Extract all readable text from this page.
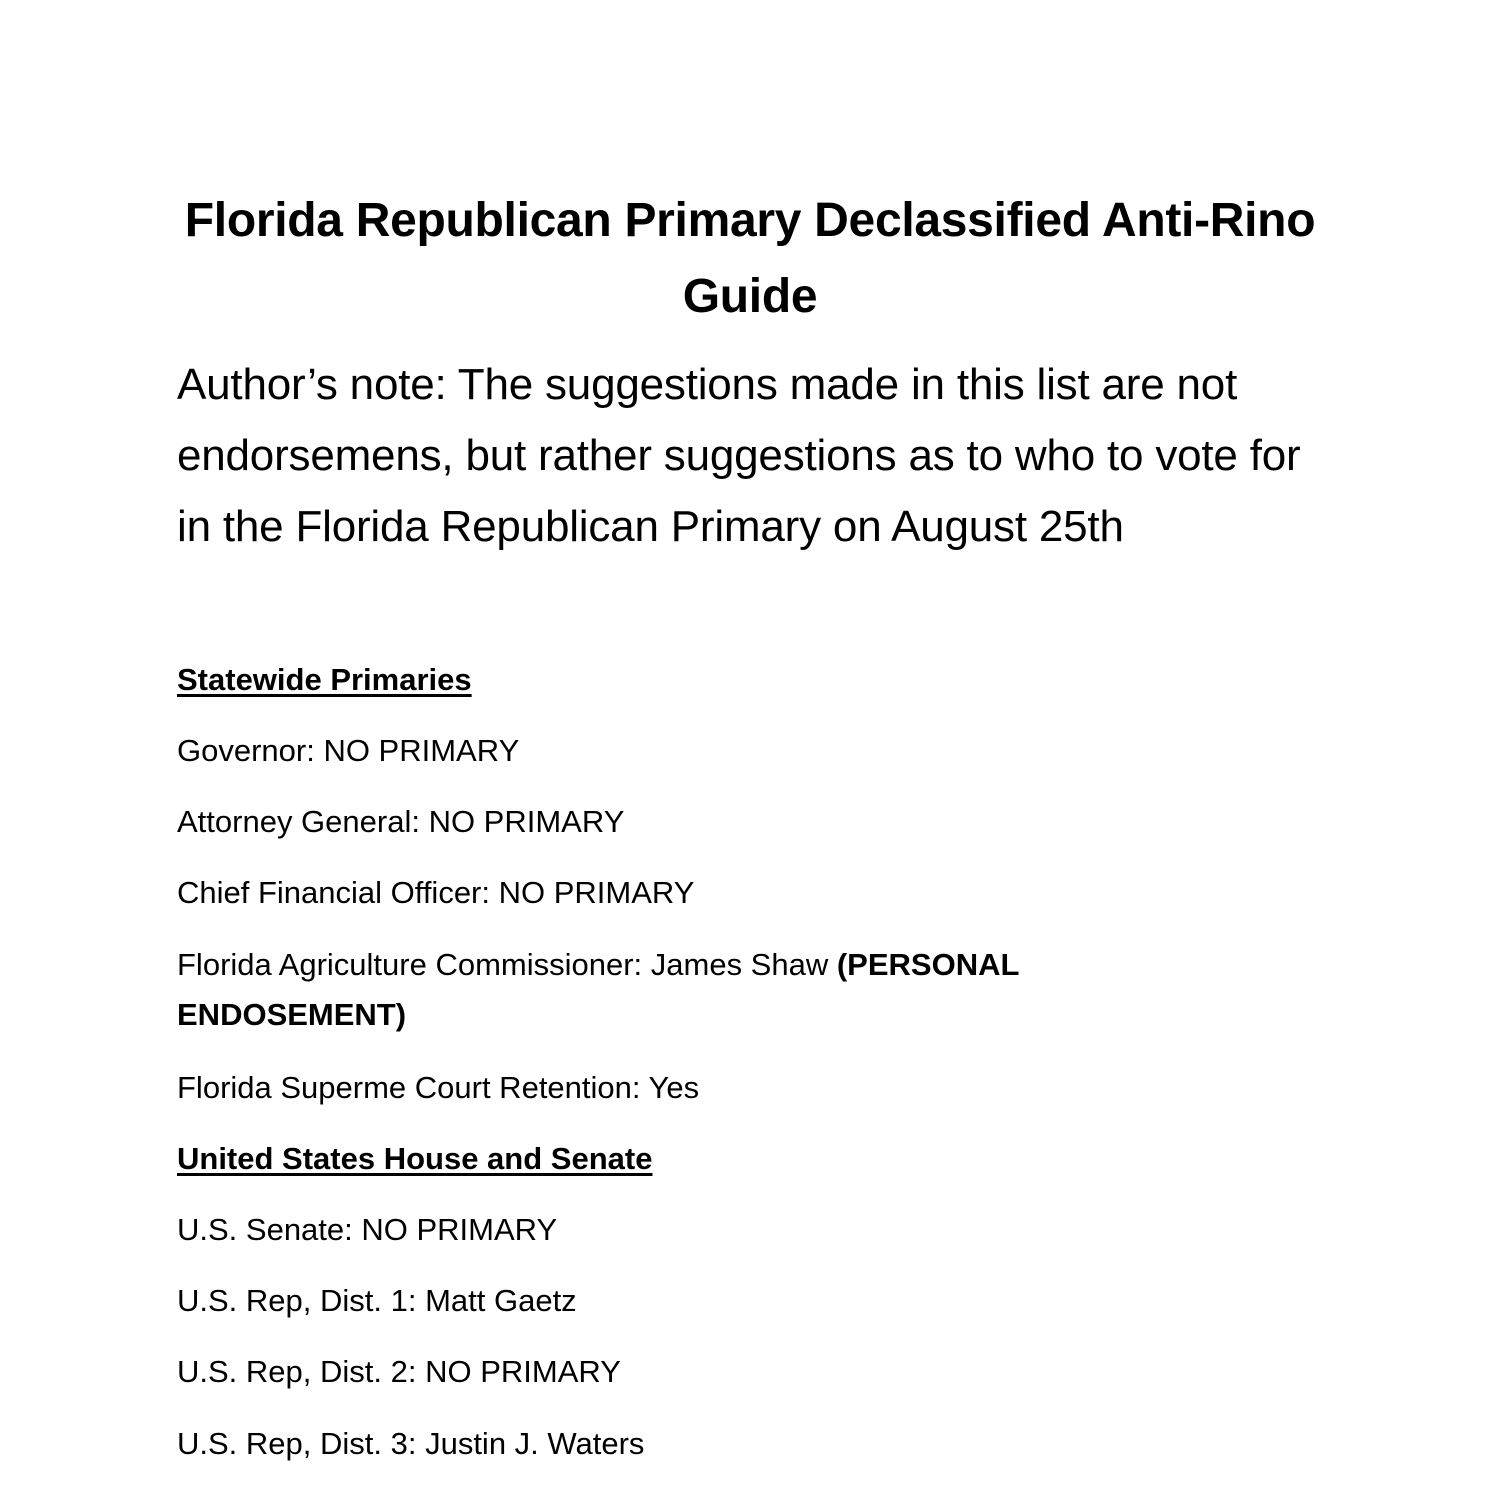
Florida Republican Primary Declassified Anti-Rino Guide

Author’s note: The suggestions made in this list are not endorsemens, but rather suggestions as to who to vote for in the Florida Republican Primary on August 25th

Statewide Primaries
Governor: NO PRIMARY
Attorney General: NO PRIMARY
Chief Financial Officer: NO PRIMARY
Florida Agriculture Commissioner: James Shaw (PERSONAL ENDOSEMENT)
Florida Superme Court Retention: Yes
United States House and Senate
U.S. Senate: NO PRIMARY
U.S. Rep, Dist. 1: Matt Gaetz
U.S. Rep, Dist. 2: NO PRIMARY
U.S. Rep, Dist. 3: Justin J. Waters
